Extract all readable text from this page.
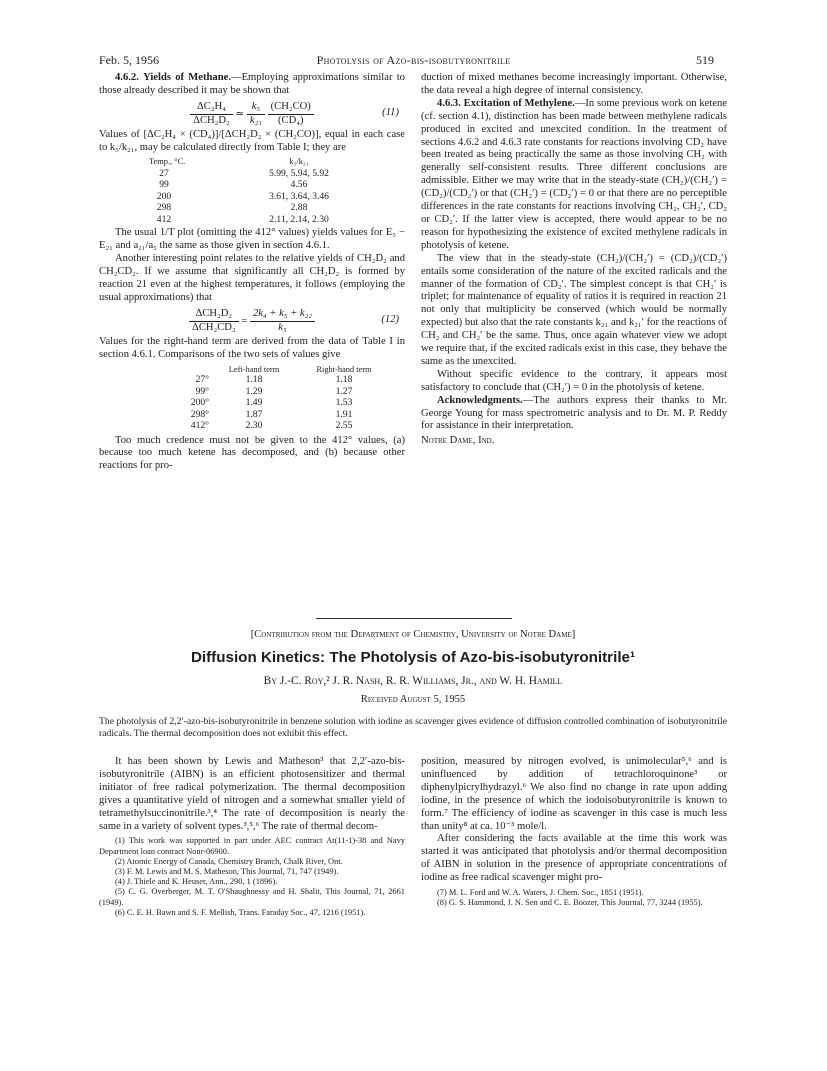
Feb. 5, 1956	Photolysis of Azo-bis-isobutyronitrile	519

4.6.2. Yields of Methane.—Employing approximations similar to those already described it may be shown that

$\frac{\text{ΔC₂H₄}}{\text{ΔCH₂D₂}}$ ≃ $\frac{\text{k₅}}{\text{k₂₁}}$
$\frac{\text{(CH₂CO)}}{\text{(CD₄)}}$	(11)

Values of [ΔC₂H₄ × (CD₄)]/[ΔCH₂D₂ × (CH₂CO)], equal in each case to k₅/k₂₁, may be calculated directly from Table I; they are

Temp., °C.	k₅/k₂₁
27	5.99, 5.94, 5.92
99	4.56
200	3.61, 3.64, 3.46
298	2.88
412	2.11, 2.14, 2.30

The usual 1/T plot (omitting the 412° values) yields values for E₅ − E₂₁ and a₂₁/a₅ the same as those given in section 4.6.1.

Another interesting point relates to the relative yields of CH₂D₂ and CH₂CD₂. If we assume that significantly all CH₂D₂ is formed by reaction 21 even at the highest temperatures, it follows (employing the usual approximations) that

$\frac{\text{ΔCH₂D₂}}{\text{ΔCH₂CD₂}} = \frac{\text{2k₄ + k₅ + k₂₂}}{\text{k₅}}$	(12)

Values for the right-hand term are derived from the data of Table I in section 4.6.1. Comparisons of the two sets of values give

	Left-hand term	Right-hand term
27°	1.18	1.18
99°	1.29	1.27
200°	1.49	1.53
298°	1.87	1.91
412°	2.30	2.55

Too much credence must not be given to the 412° values, (a) because too much ketene has decomposed, and (b) because other reactions for pro-

duction of mixed methanes become increasingly important. Otherwise, the data reveal a high degree of internal consistency.

4.6.3. Excitation of Methylene.—In some previous work on ketene (cf. section 4.1), distinction has been made between methylene radicals produced in excited and unexcited condition. In the treatment of sections 4.6.2 and 4.6.3 rate constants for reactions involving CD₂ have been treated as being practically the same as those involving CH₂ with generally self-consistent results. Three different conclusions are admissible. Either we may write that in the steady-state (CH₂)/(CH₂′) = (CD₂)/(CD₂′) or that (CH₂′) = (CD₂′) = 0 or that there are no perceptible differences in the rate constants for reactions involving CH₂, CH₂′, CD₂ or CD₂′. If the latter view is accepted, there would appear to be no reason for hypothesizing the existence of excited methylene radicals in photolysis of ketene.

The view that in the steady-state (CH₂)/(CH₂′) = (CD₂)/(CD₂′) entails some consideration of the nature of the excited radicals and the manner of the formation of CD₂′. The simplest concept is that CH₂′ is triplet; for maintenance of equality of ratios it is required in reaction 21 not only that multiplicity be conserved (which would be normally expected) but also that the rate constants k₂₁ and k₂₁′ for the reactions of CH₂ and CH₂′ be the same. Thus, once again whatever view we adopt we require that, if the excited radicals exist in this case, they behave the same as the unexcited.

Without specific evidence to the contrary, it appears most satisfactory to conclude that (CH₂′) = 0 in the photolysis of ketene.

Acknowledgments.—The authors express their thanks to Mr. George Young for mass spectrometric analysis and to Dr. M. P. Reddy for assistance in their interpretation.

Notre Dame, Ind.

[Contribution from the Department of Chemistry, University of Notre Dame]
Diffusion Kinetics: The Photolysis of Azo-bis-isobutyronitrile¹
By J.-C. Roy,² J. R. Nash, R. R. Williams, Jr., and W. H. Hamill
Received August 5, 1955
The photolysis of 2,2′-azo-bis-isobutyronitrile in benzene solution with iodine as scavenger gives evidence of diffusion controlled combination of isobutyronitrile radicals. The thermal decomposition does not exhibit this effect.

It has been shown by Lewis and Matheson³ that 2,2′-azo-bis-isobutyronitrile (AIBN) is an efficient photosensitizer and thermal initiator of free radical polymerization. The thermal decomposition gives a quantitative yield of nitrogen and a somewhat smaller yield of tetramethylsuccinonitrile.³,⁴ The rate of decomposition is nearly the same in a variety of solvent types.³,⁵,⁶ The rate of thermal decom-

(1) This work was supported in part under AEC contract At(11-1)-38 and Navy Department loan contract Nonr-06900.

(2) Atomic Energy of Canada, Chemistry Branch, Chalk River, Ont.

(3) F. M. Lewis and M. S. Matheson, This Journal, 71, 747 (1949).

(4) J. Thiele and K. Heuser, Ann., 290, 1 (1896).

(5) C. G. Overberger, M. T. O'Shaughnessy and H. Shalit, This Journal, 71, 2661 (1949).

(6) C. E. H. Bawn and S. F. Mellish, Trans. Faraday Soc., 47, 1216 (1951).

position, measured by nitrogen evolved, is unimolecular⁵,⁶ and is uninfluenced by addition of tetrachloroquinone³ or diphenylpicrylhydrazyl.⁶ We also find no change in rate upon adding iodine, in the presence of which the iodoisobutyronitrile is known to form.⁷ The efficiency of iodine as scavenger in this case is much less than unity⁸ at ca. 10⁻³ mole/l.

After considering the facts available at the time this work was started it was anticipated that photolysis and/or thermal decomposition of AIBN in solution in the presence of appropriate concentrations of iodine as free radical scavenger might pro-

(7) M. L. Ford and W. A. Waters, J. Chem. Soc., 1851 (1951).

(8) G. S. Hammond, J. N. Sen and C. E. Boozer, This Journal, 77, 3244 (1955).
